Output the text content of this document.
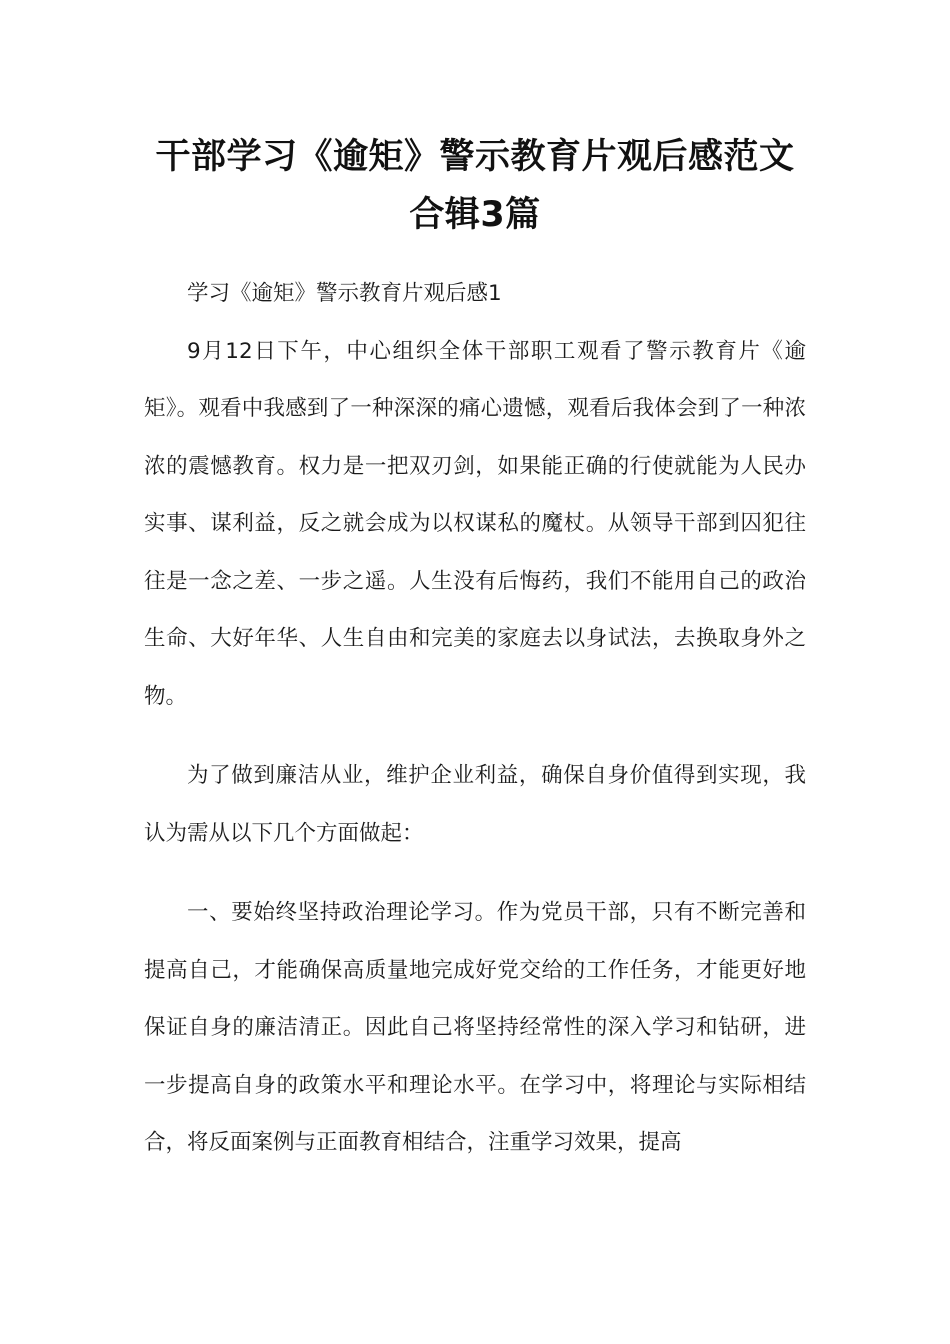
干部学习《逾矩》警示教育片观后感范文
合辑3篇

学习《逾矩》警示教育片观后感1

9月12日下午，中心组织全体干部职工观看了警示教育片《逾矩》。观看中我感到了一种深深的痛心遗憾，观看后我体会到了一种浓浓的震憾教育。权力是一把双刃剑，如果能正确的行使就能为人民办实事、谋利益，反之就会成为以权谋私的魔杖。从领导干部到囚犯往往是一念之差、一步之遥。人生没有后悔药，我们不能用自己的政治生命、大好年华、人生自由和完美的家庭去以身试法，去换取身外之物。

为了做到廉洁从业，维护企业利益，确保自身价值得到实现，我认为需从以下几个方面做起：

一、要始终坚持政治理论学习。作为党员干部，只有不断完善和提高自己，才能确保高质量地完成好党交给的工作任务，才能更好地保证自身的廉洁清正。因此自己将坚持经常性的深入学习和钻研，进一步提高自身的政策水平和理论水平。在学习中，将理论与实际相结合，将反面案例与正面教育相结合，注重学习效果，提高
